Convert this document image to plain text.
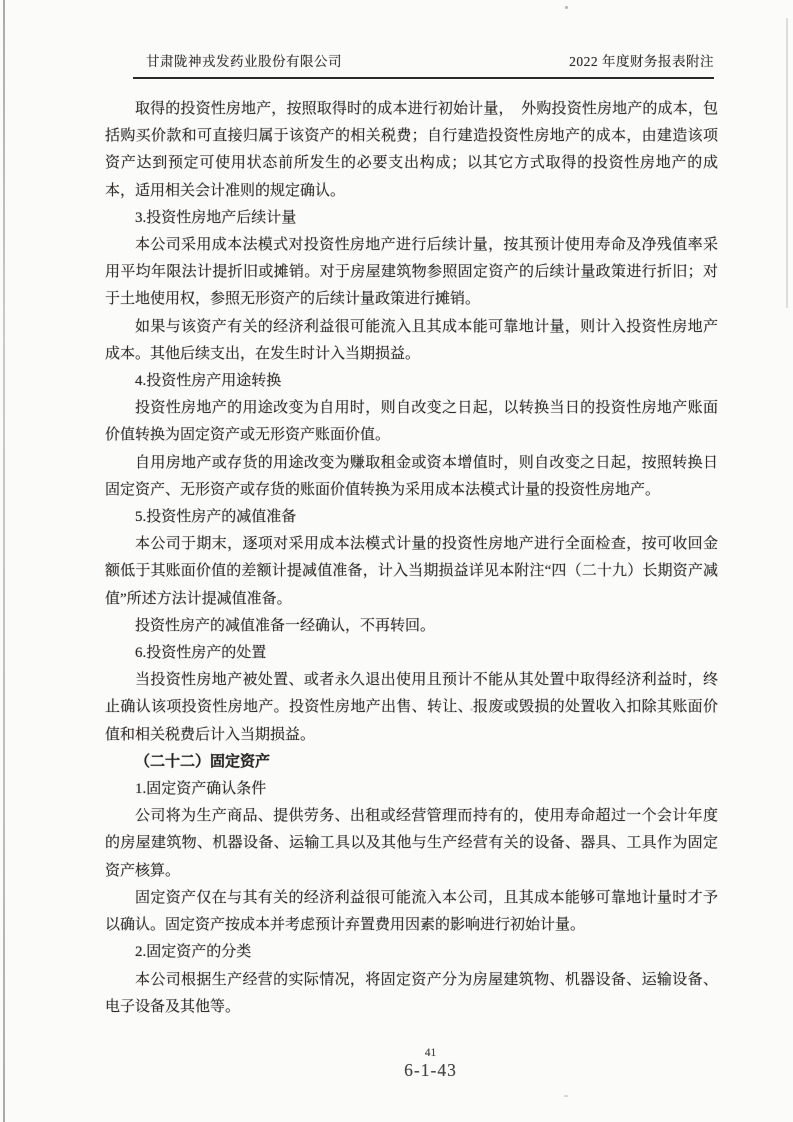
甘肃陇神戎发药业股份有限公司	2022 年度财务报表附注

取得的投资性房地产，按照取得时的成本进行初始计量，　外购投资性房地产的成本，包括购买价款和可直接归属于该资产的相关税费；自行建造投资性房地产的成本，由建造该项资产达到预定可使用状态前所发生的必要支出构成；以其它方式取得的投资性房地产的成本，适用相关会计准则的规定确认。

3.投资性房地产后续计量

本公司采用成本法模式对投资性房地产进行后续计量，按其预计使用寿命及净残值率采用平均年限法计提折旧或摊销。对于房屋建筑物参照固定资产的后续计量政策进行折旧；对于土地使用权，参照无形资产的后续计量政策进行摊销。

如果与该资产有关的经济利益很可能流入且其成本能可靠地计量，则计入投资性房地产成本。其他后续支出，在发生时计入当期损益。

4.投资性房产用途转换

投资性房地产的用途改变为自用时，则自改变之日起，以转换当日的投资性房地产账面价值转换为固定资产或无形资产账面价值。

自用房地产或存货的用途改变为赚取租金或资本增值时，则自改变之日起，按照转换日固定资产、无形资产或存货的账面价值转换为采用成本法模式计量的投资性房地产。

5.投资性房产的减值准备

本公司于期末，逐项对采用成本法模式计量的投资性房地产进行全面检查，按可收回金额低于其账面价值的差额计提减值准备，计入当期损益详见本附注“四（二十九）长期资产减值”所述方法计提减值准备。

投资性房产的减值准备一经确认，不再转回。

6.投资性房产的处置

当投资性房地产被处置、或者永久退出使用且预计不能从其处置中取得经济利益时，终止确认该项投资性房地产。投资性房地产出售、转让、报废或毁损的处置收入扣除其账面价值和相关税费后计入当期损益。

（二十二）固定资产

1.固定资产确认条件

公司将为生产商品、提供劳务、出租或经营管理而持有的，使用寿命超过一个会计年度的房屋建筑物、机器设备、运输工具以及其他与生产经营有关的设备、器具、工具作为固定资产核算。

固定资产仅在与其有关的经济利益很可能流入本公司，且其成本能够可靠地计量时才予以确认。固定资产按成本并考虑预计弃置费用因素的影响进行初始计量。

2.固定资产的分类

本公司根据生产经营的实际情况，将固定资产分为房屋建筑物、机器设备、运输设备、电子设备及其他等。

41
6-1-43
